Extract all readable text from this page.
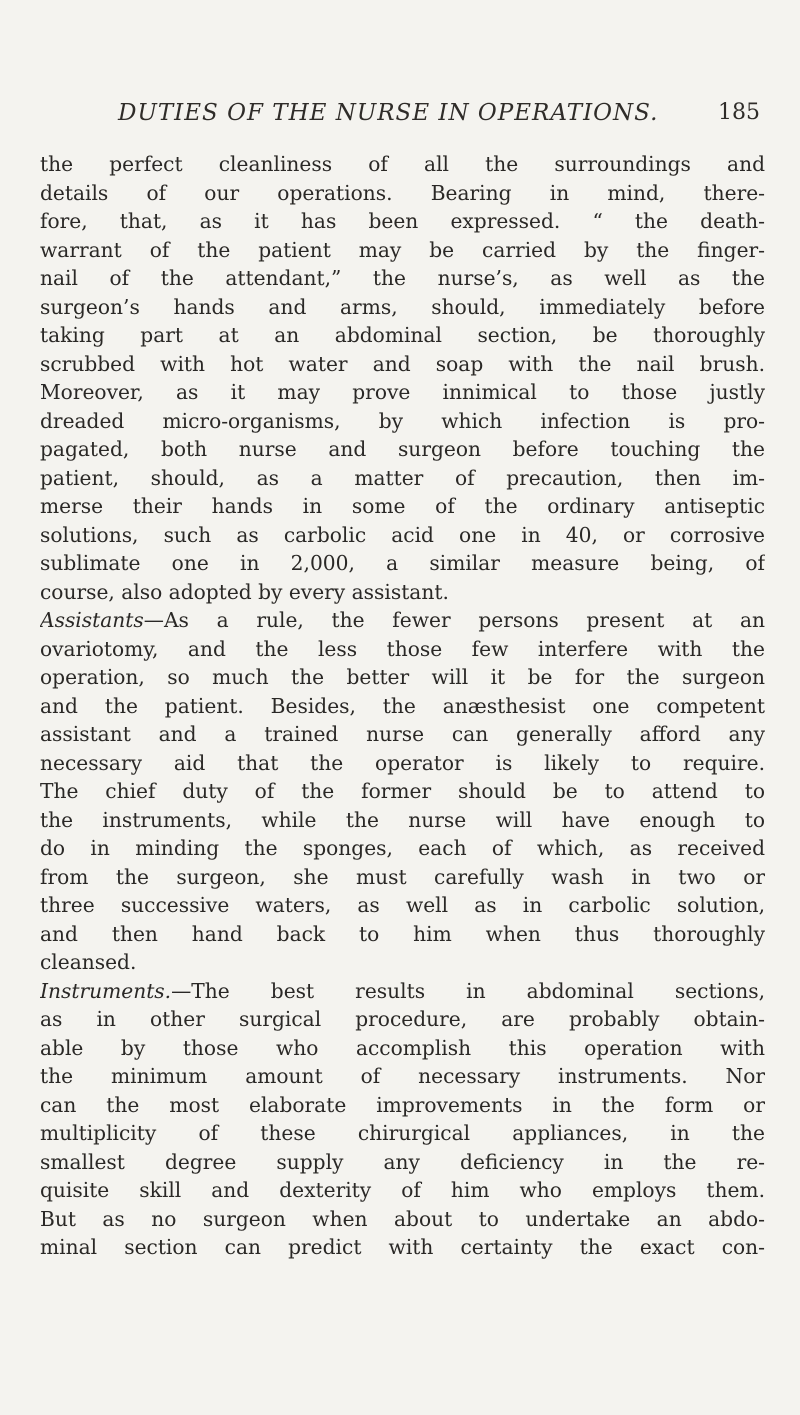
DUTIES OF THE NURSE IN OPERATIONS.	185
the perfect cleanliness of all the surroundings and
details of our operations. Bearing in mind, there-
fore, that, as it has been expressed. “ the death-
warrant of the patient may be carried by the finger-
nail of the attendant,” the nurse’s, as well as the
surgeon’s hands and arms, should, immediately before
taking part at an abdominal section, be thoroughly
scrubbed with hot water and soap with the nail brush.
Moreover, as it may prove innimical to those justly
dreaded micro-organisms, by which infection is pro-
pagated, both nurse and surgeon before touching the
patient, should, as a matter of precaution, then im-
merse their hands in some of the ordinary antiseptic
solutions, such as carbolic acid one in 40, or corrosive
sublimate one in 2,000, a similar measure being, of
course, also adopted by every assistant.
Assistants—As a rule, the fewer persons present at an
ovariotomy, and the less those few interfere with the
operation, so much the better will it be for the surgeon
and the patient. Besides, the anæsthesist one competent
assistant and a trained nurse can generally afford any
necessary aid that the operator is likely to require.
The chief duty of the former should be to attend to
the instruments, while the nurse will have enough to
do in minding the sponges, each of which, as received
from the surgeon, she must carefully wash in two or
three successive waters, as well as in carbolic solution,
and then hand back to him when thus thoroughly
cleansed.
Instruments.—The best results in abdominal sections,
as in other surgical procedure, are probably obtain-
able by those who accomplish this operation with
the minimum amount of necessary instruments. Nor
can the most elaborate improvements in the form or
multiplicity of these chirurgical appliances, in the
smallest degree supply any deficiency in the re-
quisite skill and dexterity of him who employs them.
But as no surgeon when about to undertake an abdo-
minal section can predict with certainty the exact con-
